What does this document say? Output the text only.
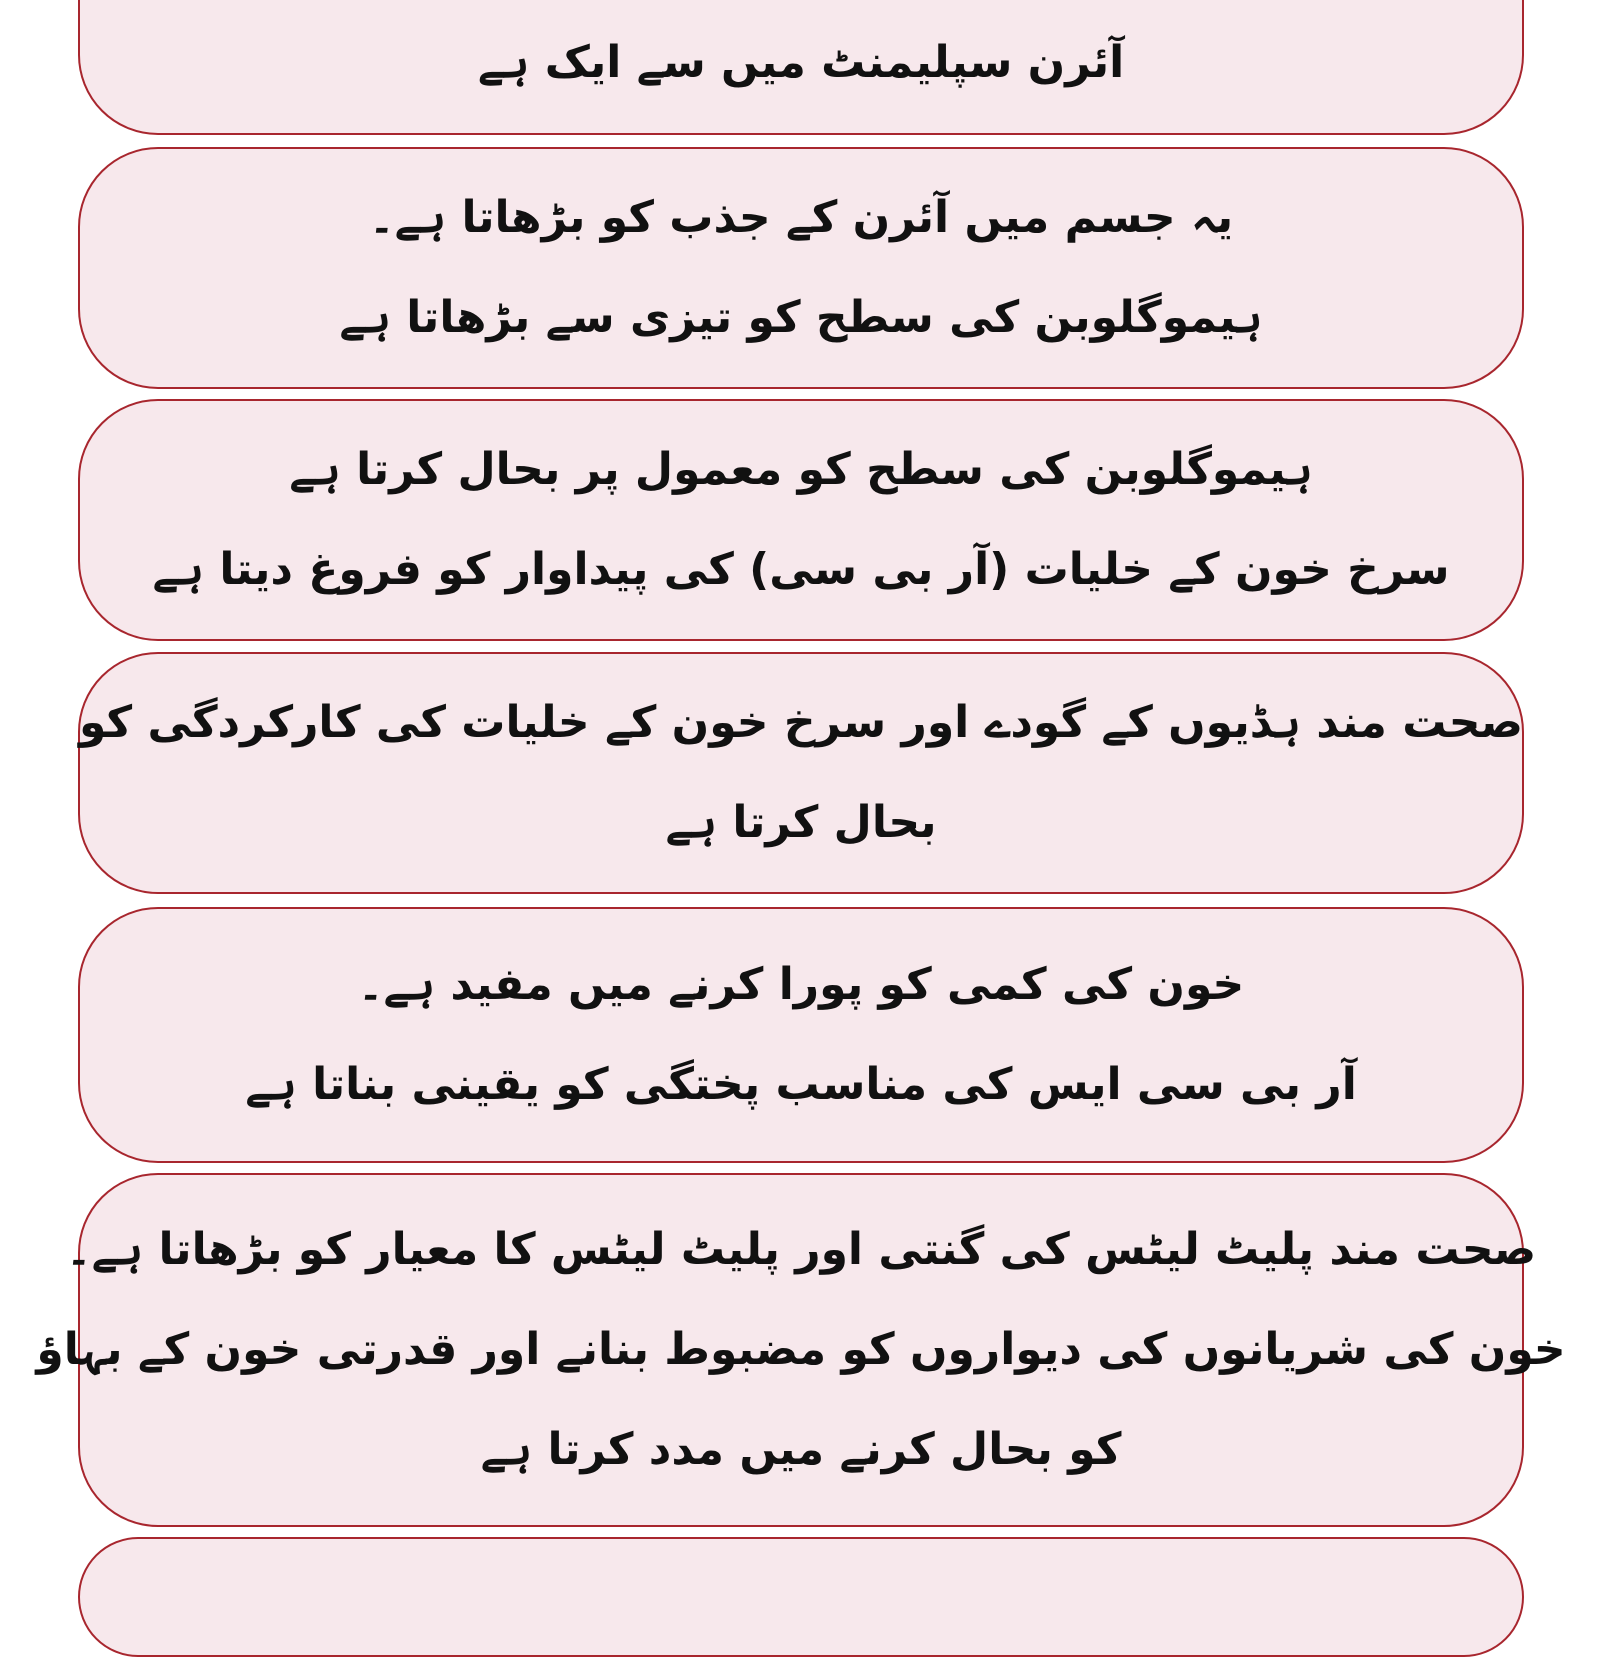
آئرن سپلیمنٹ میں سے ایک ہے
یہ جسم میں آئرن کے جذب کو بڑھاتا ہے۔
ہیموگلوبن کی سطح کو تیزی سے بڑھاتا ہے
ہیموگلوبن کی سطح کو معمول پر بحال کرتا ہے
سرخ خون کے خلیات (آر بی سی) کی پیداوار کو فروغ دیتا ہے
صحت مند ہڈیوں کے گودے اور سرخ خون کے خلیات کی کارکردگی کو
بحال کرتا ہے
خون کی کمی کو پورا کرنے میں مفید ہے۔
آر بی سی ایس کی مناسب پختگی کو یقینی بناتا ہے
صحت مند پلیٹ لیٹس کی گنتی اور پلیٹ لیٹس کا معیار کو بڑھاتا ہے۔
خون کی شریانوں کی دیواروں کو مضبوط بنانے اور قدرتی خون کے بہاؤ
کو بحال کرنے میں مدد کرتا ہے
